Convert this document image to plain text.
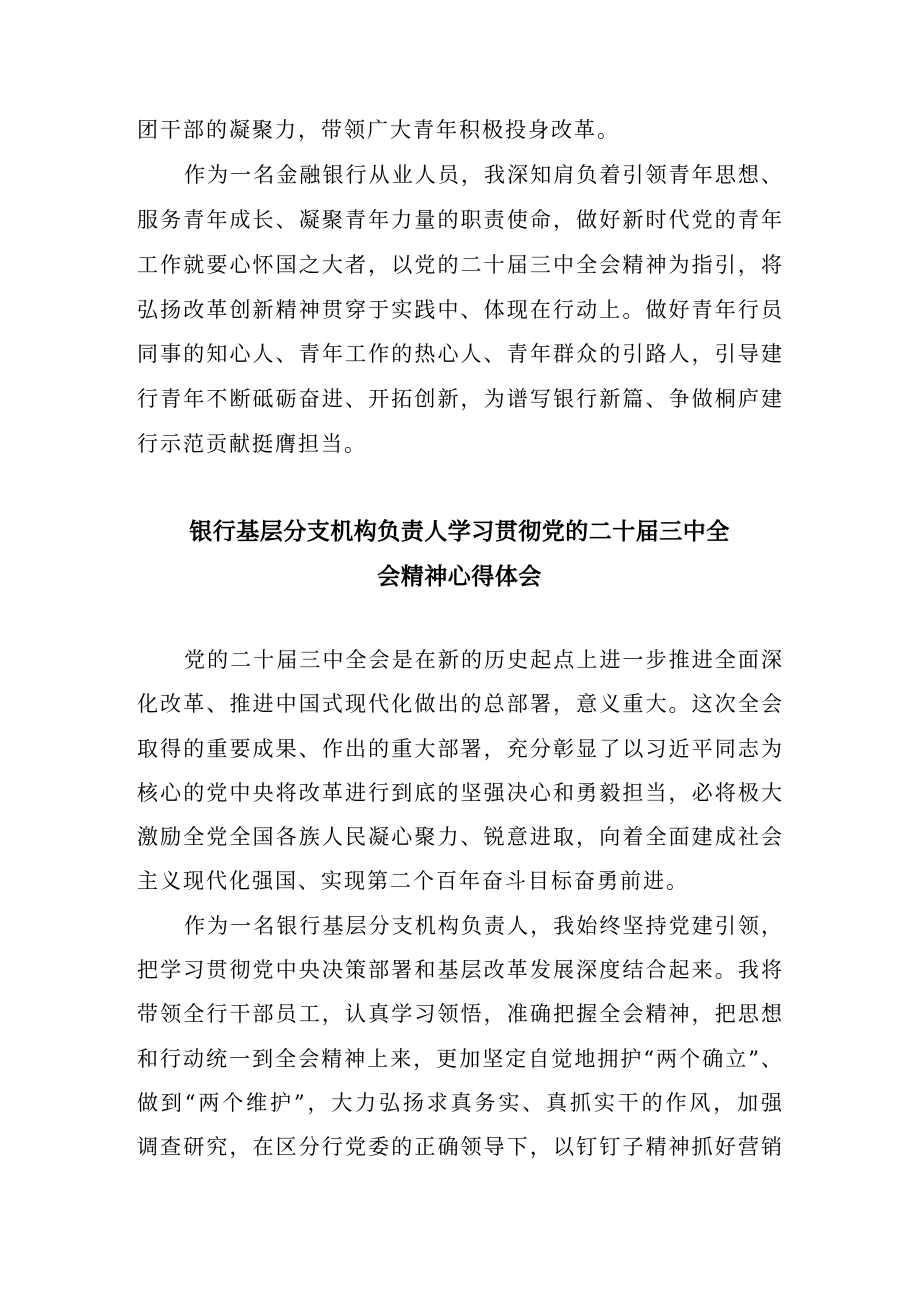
团干部的凝聚力，带领广大青年积极投身改革。

作为一名金融银行从业人员，我深知肩负着引领青年思想、
服务青年成长、凝聚青年力量的职责使命，做好新时代党的青年
工作就要心怀国之大者，以党的二十届三中全会精神为指引，将
弘扬改革创新精神贯穿于实践中、体现在行动上。做好青年行员
同事的知心人、青年工作的热心人、青年群众的引路人，引导建
行青年不断砥砺奋进、开拓创新，为谱写银行新篇、争做桐庐建
行示范贡献挺膺担当。

银行基层分支机构负责人学习贯彻党的二十届三中全
会精神心得体会

党的二十届三中全会是在新的历史起点上进一步推进全面深
化改革、推进中国式现代化做出的总部署，意义重大。这次全会
取得的重要成果、作出的重大部署，充分彰显了以习近平同志为
核心的党中央将改革进行到底的坚强决心和勇毅担当，必将极大
激励全党全国各族人民凝心聚力、锐意进取，向着全面建成社会
主义现代化强国、实现第二个百年奋斗目标奋勇前进。

作为一名银行基层分支机构负责人，我始终坚持党建引领，
把学习贯彻党中央决策部署和基层改革发展深度结合起来。我将
带领全行干部员工，认真学习领悟，准确把握全会精神，把思想
和行动统一到全会精神上来，更加坚定自觉地拥护“两个确立”、
做到“两个维护”，大力弘扬求真务实、真抓实干的作风，加强
调查研究，在区分行党委的正确领导下，以钉钉子精神抓好营销
